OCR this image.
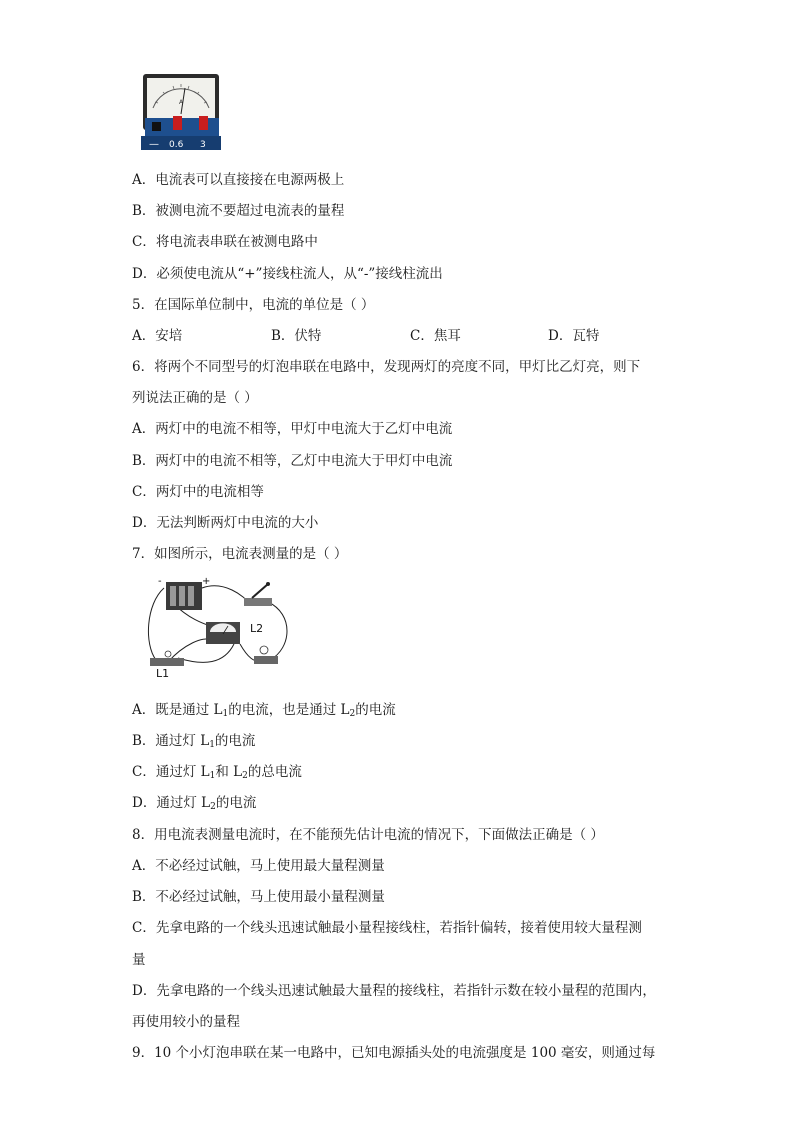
A
— 0.6 3
A．电流表可以直接接在电源两极上
B．被测电流不要超过电流表的量程
C．将电流表串联在被测电路中
D．必须使电流从“+”接线柱流人，从“-”接线柱流出
5．在国际单位制中，电流的单位是（ ）
A．安培	B．伏特	C．焦耳	D．瓦特
6．将两个不同型号的灯泡串联在电路中，发现两灯的亮度不同，甲灯比乙灯亮，则下
列说法正确的是（ ）
A．两灯中的电流不相等，甲灯中电流大于乙灯中电流
B．两灯中的电流不相等，乙灯中电流大于甲灯中电流
C．两灯中的电流相等
D．无法判断两灯中电流的大小
7．如图所示，电流表测量的是（ ）
-	+
L2
L1
A．既是通过 $L_1$的电流，也是通过 $L_2$的电流
B．通过灯 $L_1$的电流
C．通过灯 $L_1$和 $L_2$的总电流
D．通过灯 $L_2$的电流
8．用电流表测量电流时，在不能预先估计电流的情况下，下面做法正确是（ ）
A．不必经过试触，马上使用最大量程测量
B．不必经过试触，马上使用最小量程测量
C．先拿电路的一个线头迅速试触最小量程接线柱，若指针偏转，接着使用较大量程测
量
D．先拿电路的一个线头迅速试触最大量程的接线柱，若指针示数在较小量程的范围内，
再使用较小的量程
9．10 个小灯泡串联在某一电路中，已知电源插头处的电流强度是 100 毫安，则通过每
